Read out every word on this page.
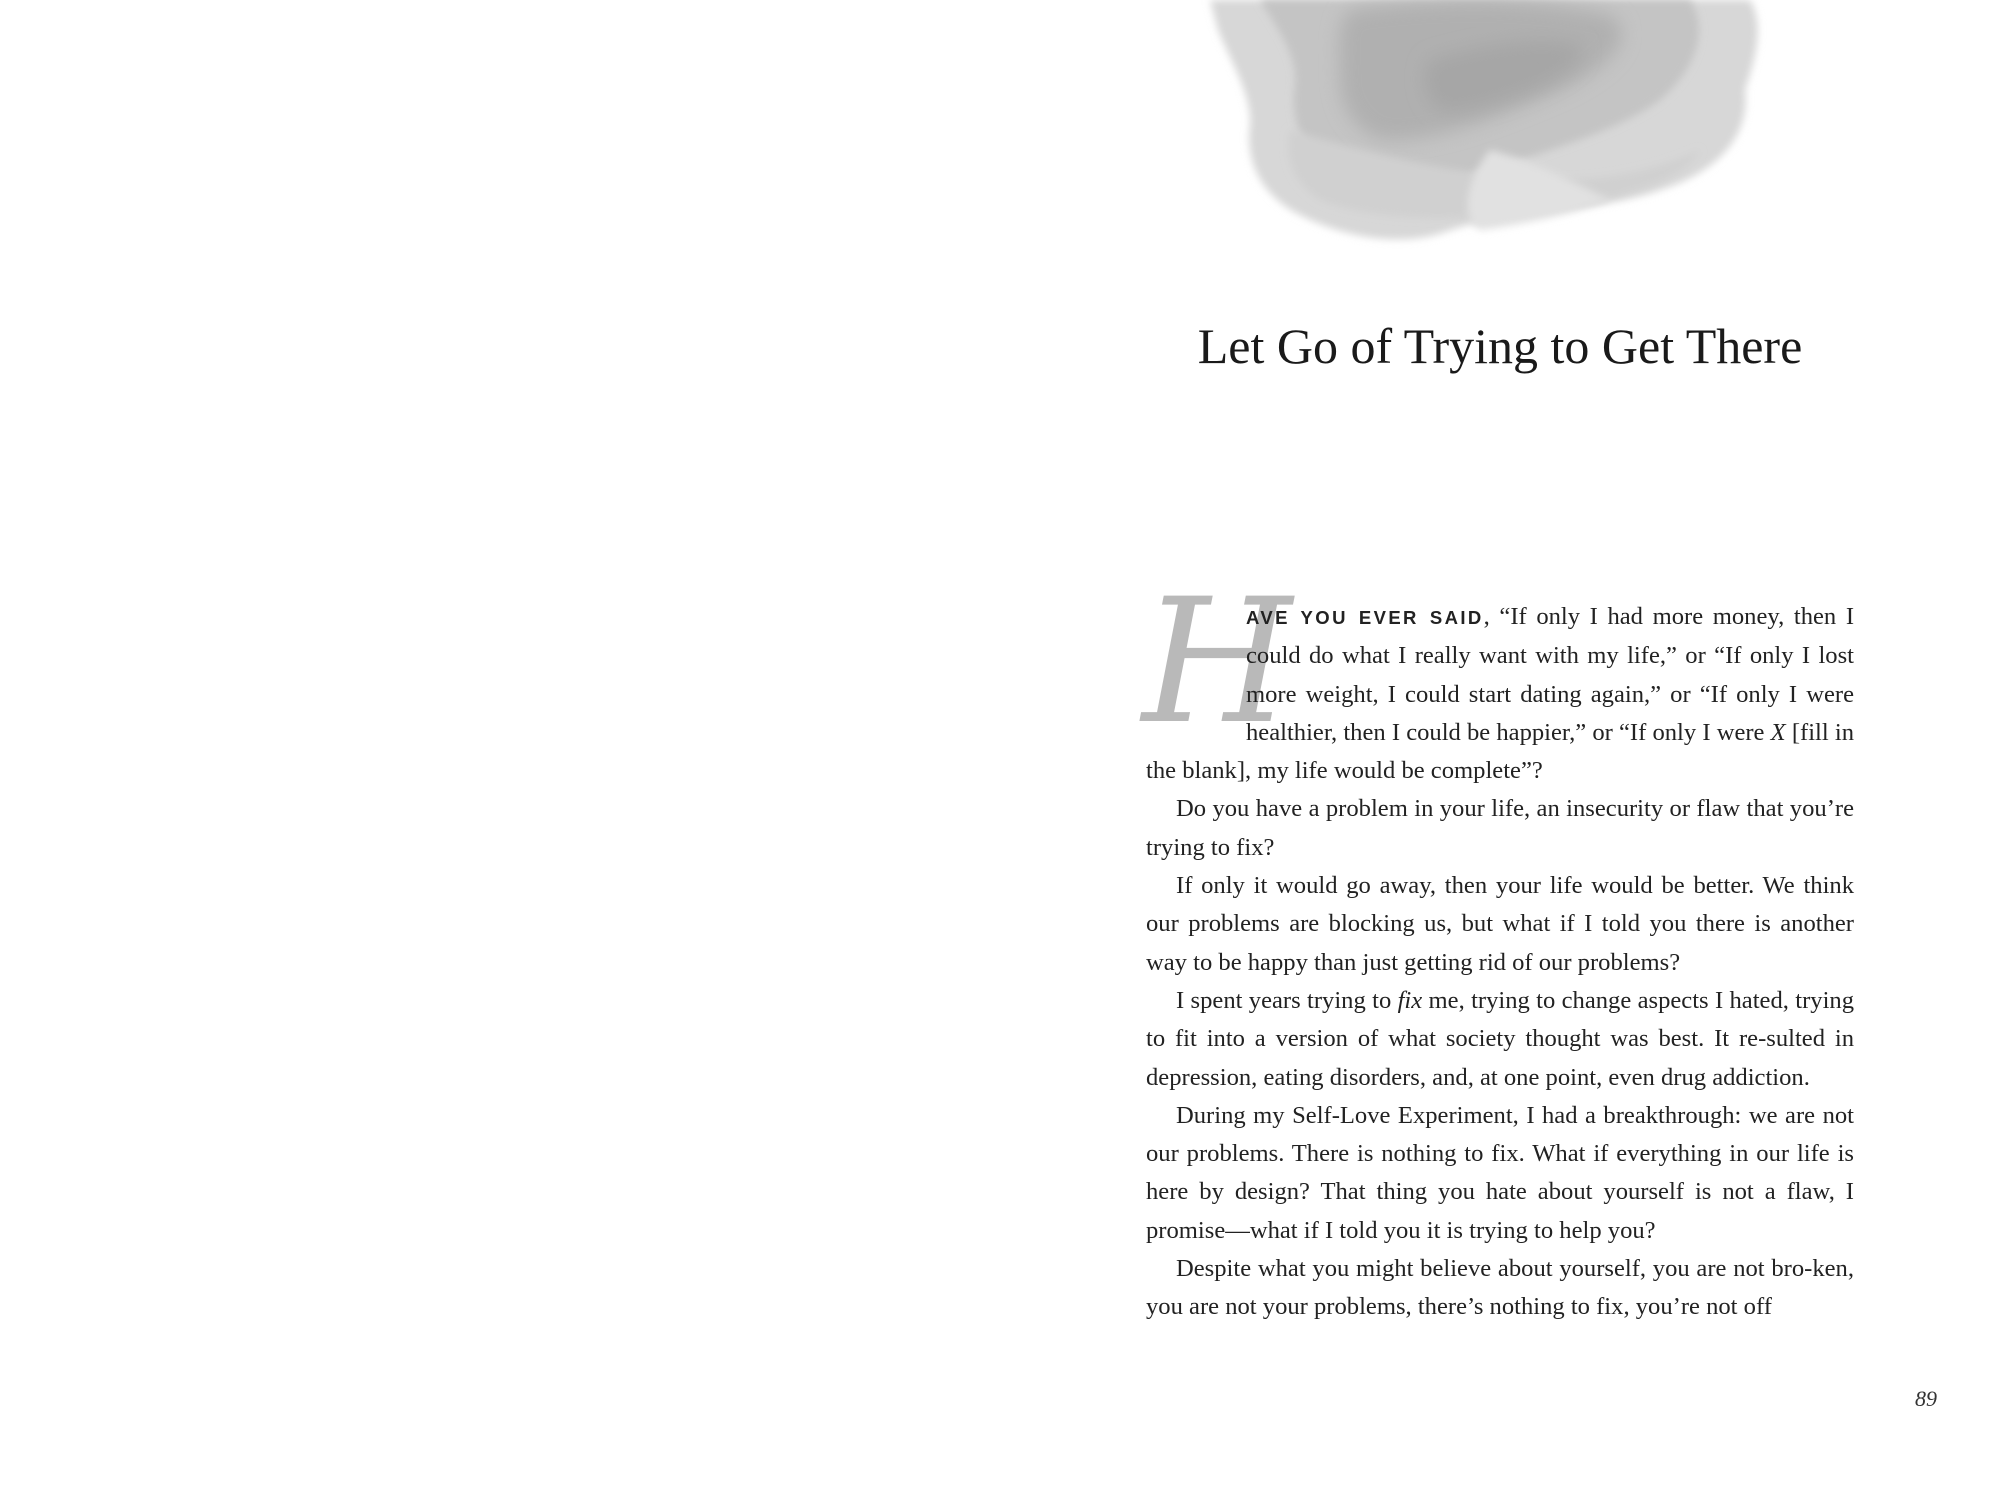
Let Go of Trying to Get There

H
AVE YOU EVER SAID, “If only I had more money, then I could do what I really want with my life,” or “If only I lost more weight, I could start dating again,” or “If only I were healthier, then I could be happier,” or “If only I were X [fill in the blank], my life would be complete”?

Do you have a problem in your life, an insecurity or flaw that you’re trying to fix?

If only it would go away, then your life would be better. We think our problems are blocking us, but what if I told you there is another way to be happy than just getting rid of our problems?

I spent years trying to fix me, trying to change aspects I hated, trying to fit into a version of what society thought was best. It re-sulted in depression, eating disorders, and, at one point, even drug addiction.

During my Self-Love Experiment, I had a breakthrough: we are not our problems. There is nothing to fix. What if everything in our life is here by design? That thing you hate about yourself is not a flaw, I promise—what if I told you it is trying to help you?

Despite what you might believe about yourself, you are not bro-ken, you are not your problems, there’s nothing to fix, you’re not off

89
